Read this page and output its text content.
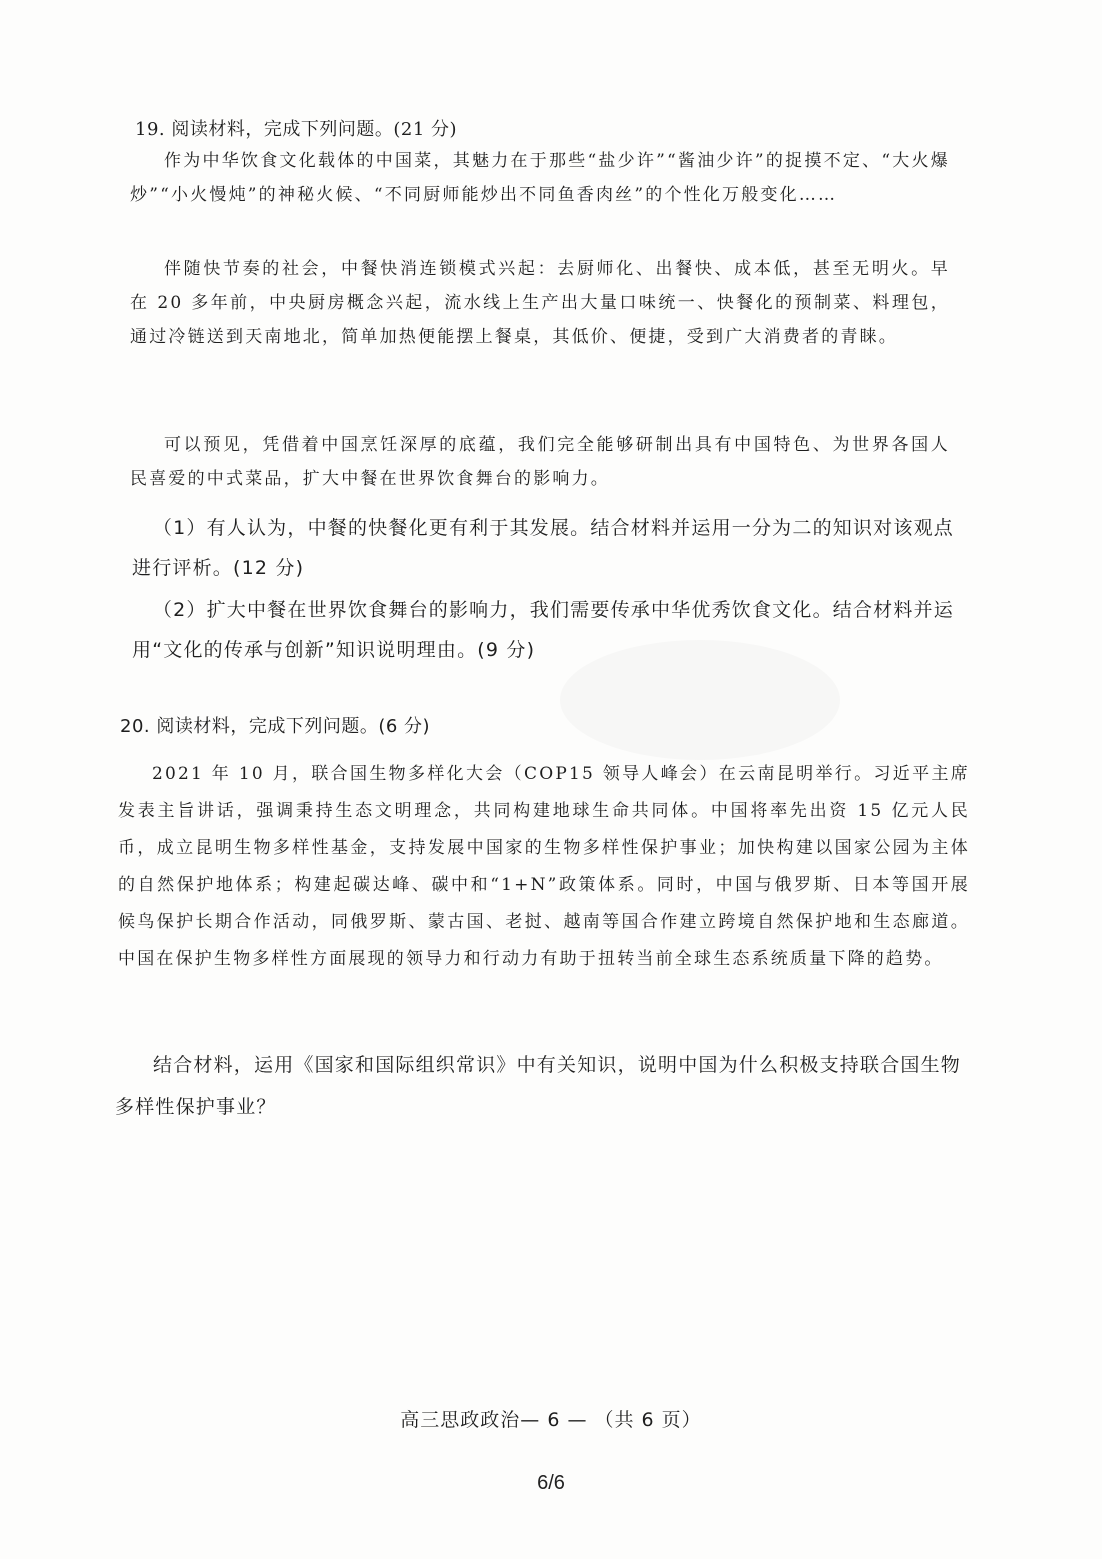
19. 阅读材料，完成下列问题。(21 分)
作为中华饮食文化载体的中国菜，其魅力在于那些“盐少许”“酱油少许”的捉摸不定、“大火爆炒”“小火慢炖”的神秘火候、“不同厨师能炒出不同鱼香肉丝”的个性化万般变化……
伴随快节奏的社会，中餐快消连锁模式兴起：去厨师化、出餐快、成本低，甚至无明火。早在 20 多年前，中央厨房概念兴起，流水线上生产出大量口味统一、快餐化的预制菜、料理包，通过冷链送到天南地北，简单加热便能摆上餐桌，其低价、便捷，受到广大消费者的青睐。
可以预见，凭借着中国烹饪深厚的底蕴，我们完全能够研制出具有中国特色、为世界各国人民喜爱的中式菜品，扩大中餐在世界饮食舞台的影响力。
（1）有人认为，中餐的快餐化更有利于其发展。结合材料并运用一分为二的知识对该观点进行评析。(12 分)
（2）扩大中餐在世界饮食舞台的影响力，我们需要传承中华优秀饮食文化。结合材料并运用“文化的传承与创新”知识说明理由。(9 分)
20. 阅读材料，完成下列问题。(6 分)
2021 年 10 月，联合国生物多样化大会（COP15 领导人峰会）在云南昆明举行。习近平主席发表主旨讲话，强调秉持生态文明理念，共同构建地球生命共同体。中国将率先出资 15 亿元人民币，成立昆明生物多样性基金，支持发展中国家的生物多样性保护事业；加快构建以国家公园为主体的自然保护地体系；构建起碳达峰、碳中和“1+N”政策体系。同时，中国与俄罗斯、日本等国开展候鸟保护长期合作活动，同俄罗斯、蒙古国、老挝、越南等国合作建立跨境自然保护地和生态廊道。中国在保护生物多样性方面展现的领导力和行动力有助于扭转当前全球生态系统质量下降的趋势。
结合材料，运用《国家和国际组织常识》中有关知识，说明中国为什么积极支持联合国生物多样性保护事业？
高三思政政治— 6 — （共 6 页）
6/6
